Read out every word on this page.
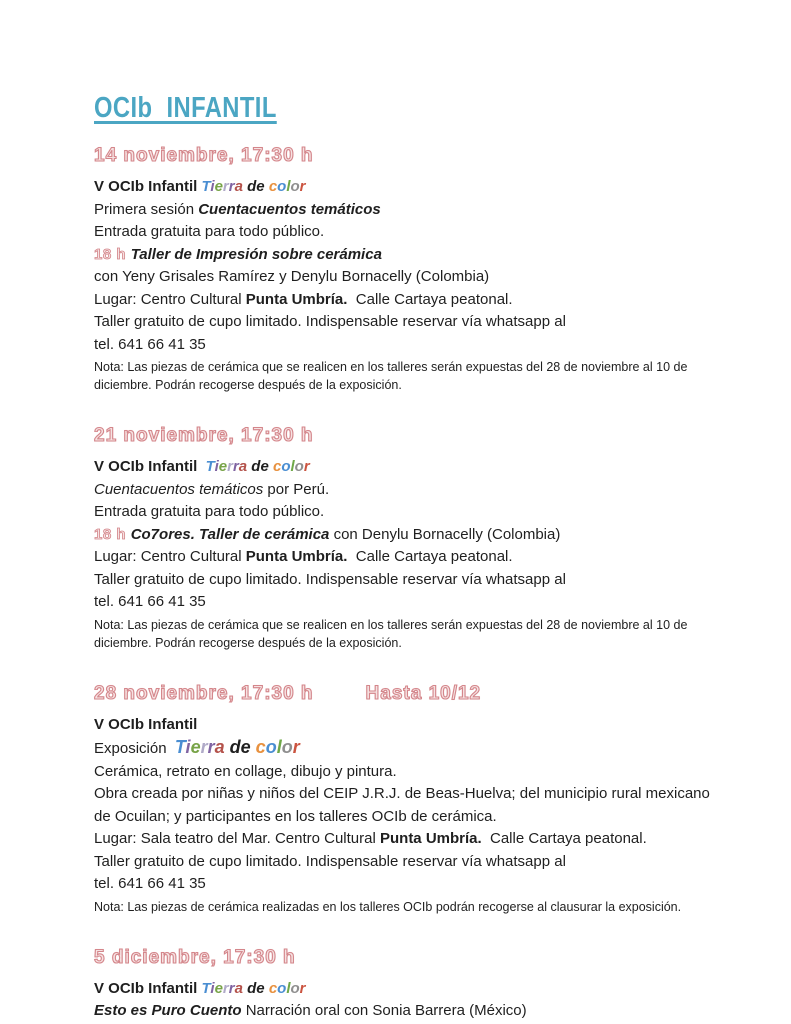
OCIb  INFANTIL
14 noviembre, 17:30 h
V OCIb Infantil Tierra de color
Primera sesión Cuentacuentos temáticos
Entrada gratuita para todo público.
18 h Taller de Impresión sobre cerámica
con Yeny Grisales Ramírez y Denylu Bornacelly (Colombia)
Lugar: Centro Cultural Punta Umbría.  Calle Cartaya peatonal.
Taller gratuito de cupo limitado. Indispensable reservar vía whatsapp al
tel. 641 66 41 35
Nota: Las piezas de cerámica que se realicen en los talleres serán expuestas del 28 de noviembre al 10 de diciembre. Podrán recogerse después de la exposición.
21 noviembre, 17:30 h
V OCIb Infantil  Tierra de color
Cuentacuentos temáticos por Perú.
Entrada gratuita para todo público.
18 h Co7ores. Taller de cerámica con Denylu Bornacelly (Colombia)
Lugar: Centro Cultural Punta Umbría.  Calle Cartaya peatonal.
Taller gratuito de cupo limitado. Indispensable reservar vía whatsapp al
tel. 641 66 41 35
Nota: Las piezas de cerámica que se realicen en los talleres serán expuestas del 28 de noviembre al 10 de diciembre. Podrán recogerse después de la exposición.
28 noviembre, 17:30 h	Hasta 10/12
V OCIb Infantil
Exposición  Tierra de color
Cerámica, retrato en collage, dibujo y pintura.
Obra creada por niñas y niños del CEIP J.R.J. de Beas-Huelva; del municipio rural mexicano de Ocuilan; y participantes en los talleres OCIb de cerámica.
Lugar: Sala teatro del Mar. Centro Cultural Punta Umbría.  Calle Cartaya peatonal.
Taller gratuito de cupo limitado. Indispensable reservar vía whatsapp al
tel. 641 66 41 35
Nota: Las piezas de cerámica realizadas en los talleres OCIb podrán recogerse al clausurar la exposición.
5 diciembre, 17:30 h
V OCIb Infantil Tierra de color
Esto es Puro Cuento Narración oral con Sonia Barrera (México)
